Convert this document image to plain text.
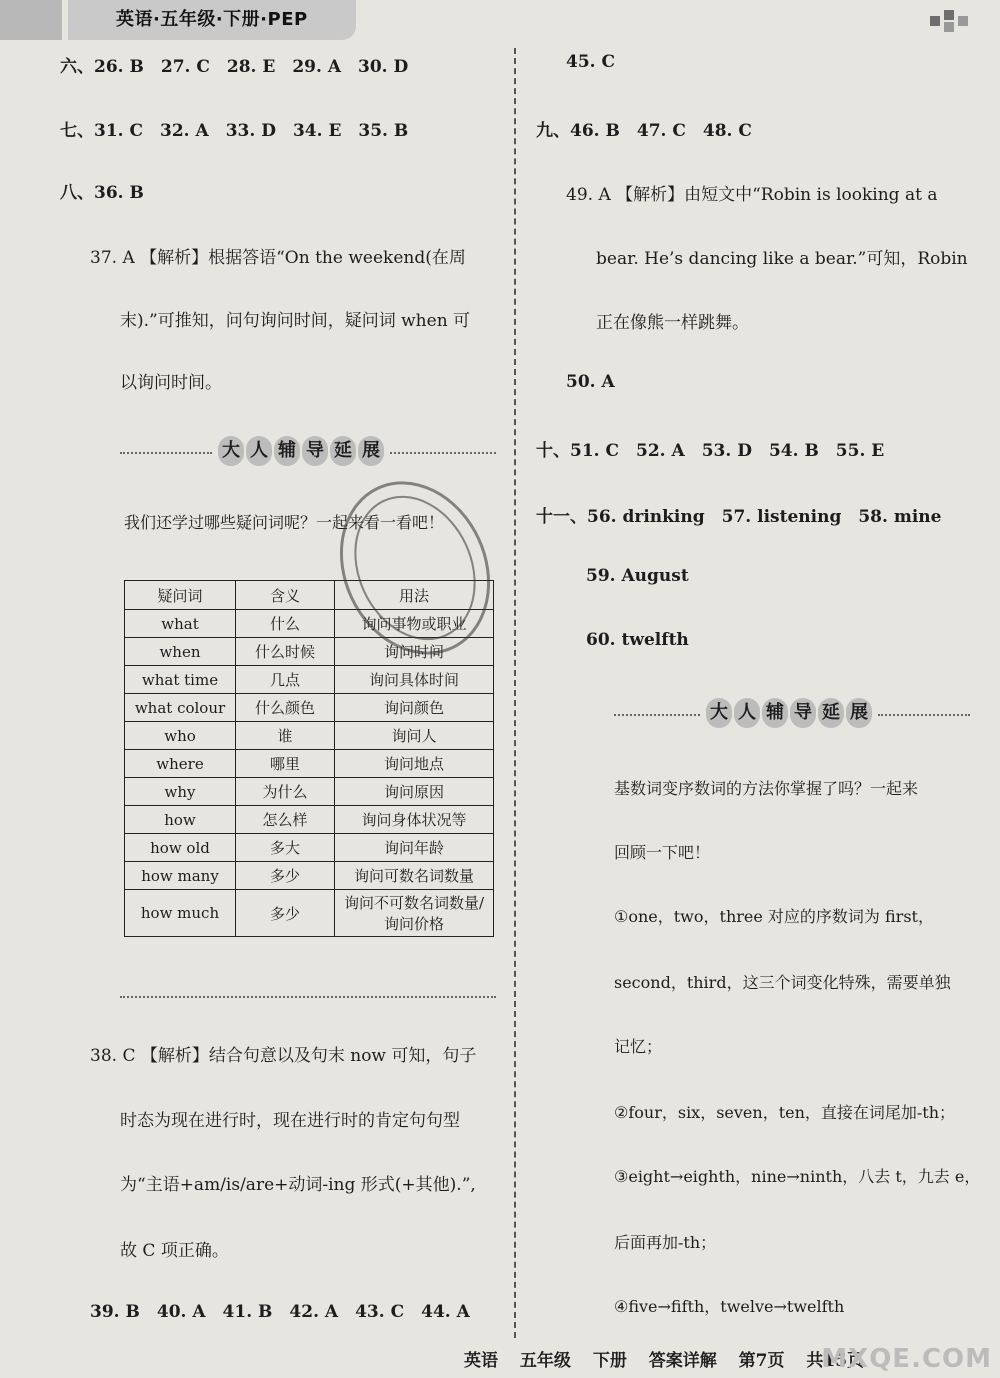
英语·五年级·下册·PEP
六、26. B　27. C　28. E　29. A　30. D
七、31. C　32. A　33. D　34. E　35. B
八、36. B
37. A 【解析】根据答语“On the weekend(在周
末).”可推知，问句询问时间，疑问词 when 可
以询问时间。
大 人 辅 导 延 展
我们还学过哪些疑问词呢？一起来看一看吧！
疑问词	含义	用法
what	什么	询问事物或职业
when	什么时候	询问时间
what time	几点	询问具体时间
what colour	什么颜色	询问颜色
who	谁	询问人
where	哪里	询问地点
why	为什么	询问原因
how	怎么样	询问身体状况等
how old	多大	询问年龄
how many	多少	询问可数名词数量
how much	多少	询问不可数名词数量/询问价格
38. C 【解析】结合句意以及句末 now 可知，句子
时态为现在进行时，现在进行时的肯定句句型
为“主语+am/is/are+动词-ing 形式(+其他).”,
故 C 项正确。
39. B　40. A　41. B　42. A　43. C　44. A
45. C
九、46. B　47. C　48. C
49. A 【解析】由短文中“Robin is looking at a
bear. He’s dancing like a bear.”可知，Robin
正在像熊一样跳舞。
50. A
十、51. C　52. A　53. D　54. B　55. E
十一、56. drinking　57. listening　58. mine
59. August
60. twelfth
大 人 辅 导 延 展
基数词变序数词的方法你掌握了吗？一起来
回顾一下吧！
①one，two，three 对应的序数词为 first，
second，third，这三个词变化特殊，需要单独
记忆；
②four，six，seven，ten，直接在词尾加-th；
③eight→eighth，nine→ninth，八去 t，九去 e，
后面再加-th；
④five→fifth，twelve→twelfth
英语 五年级 下册 答案详解 第7页 共15页
MXQE.COM
